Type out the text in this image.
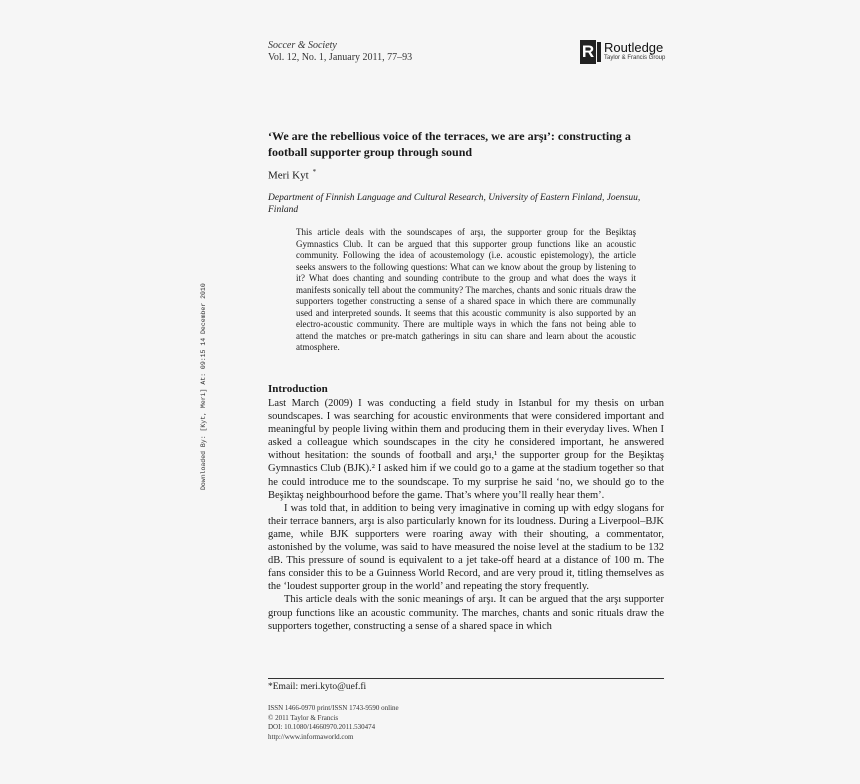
Soccer & Society
Vol. 12, No. 1, January 2011, 77–93	R Routledge
Taylor & Francis Group
‘We are the rebellious voice of the terraces, we are arşı’: constructing a football supporter group through sound
Meri Kyt *
Department of Finnish Language and Cultural Research, University of Eastern Finland, Joensuu, Finland
This article deals with the soundscapes of arşı, the supporter group for the Beşiktaş Gymnastics Club. It can be argued that this supporter group functions like an acoustic community. Following the idea of acoustemology (i.e. acoustic epistemology), the article seeks answers to the following questions: What can we know about the group by listening to it? What does chanting and sounding contribute to the group and what does the ways it manifests sonically tell about the community? The marches, chants and sonic rituals draw the supporters together constructing a sense of a shared space in which there are communally used and interpreted sounds. It seems that this acoustic community is also supported by an electro-acoustic community. There are multiple ways in which the fans not being able to attend the matches or pre-match gatherings in situ can share and learn about the acoustic atmosphere.
Downloaded By: [Kyt, Meri] At: 09:15 14 December 2010	Introduction

Last March (2009) I was conducting a field study in Istanbul for my thesis on urban soundscapes. I was searching for acoustic environments that were considered important and meaningful by people living within them and producing them in their everyday lives. When I asked a colleague which soundscapes in the city he considered important, he answered without hesitation: the sounds of football and arşı,¹ the supporter group for the Beşiktaş Gymnastics Club (BJK).² I asked him if we could go to a game at the stadium together so that he could introduce me to the soundscape. To my surprise he said ‘no, we should go to the Beşiktaş neighbourhood before the game. That’s where you’ll really hear them’.

I was told that, in addition to being very imaginative in coming up with edgy slogans for their terrace banners, arşı is also particularly known for its loudness. During a Liverpool–BJK game, while BJK supporters were roaring away with their shouting, a commentator, astonished by the volume, was said to have measured the noise level at the stadium to be 132 dB. This pressure of sound is equivalent to a jet take-off heard at a distance of 100 m. The fans consider this to be a Guinness World Record, and are very proud it, titling themselves as the ‘loudest supporter group in the world’ and repeating the story frequently.

This article deals with the sonic meanings of arşı. It can be argued that the arşı supporter group functions like an acoustic community. The marches, chants and sonic rituals draw the supporters together, constructing a sense of a shared space in which

*Email: meri.kyto@uef.fi
ISSN 1466-0970 print/ISSN 1743-9590 online
© 2011 Taylor & Francis
DOI: 10.1080/14660970.2011.530474
http://www.informaworld.com
